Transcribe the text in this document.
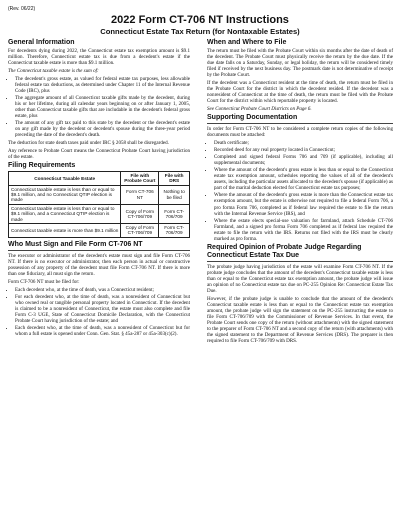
(Rev. 06/22)
2022 Form CT-706 NT Instructions
Connecticut Estate Tax Return (for Nontaxable Estates)
General Information

For decedents dying during 2022, the Connecticut estate tax exemption amount is $9.1 million. Therefore, Connecticut estate tax is due from a decedent's estate if the Connecticut taxable estate is more than $9.1 million.

The Connecticut taxable estate is the sum of:

• The decedent's gross estate, as valued for federal estate tax purposes, less allowable federal estate tax deductions, as determined under Chapter 11 of the Internal Revenue Code (IRC), plus
• The aggregate amount of all Connecticut taxable gifts made by the decedent, during his or her lifetime, during all calendar years beginning on or after January 1, 2005, other than Connecticut taxable gifts that are includable in the decedent's federal gross estate, plus
• The amount of any gift tax paid to this state by the decedent or the decedent's estate on any gift made by the decedent or decedent's spouse during the three-year period preceding the date of the decedent's death.

The deduction for state death taxes paid under IRC § 2058 shall be disregarded.

Any reference to Probate Court means the Connecticut Probate Court having jurisdiction of the estate.

Filing Requirements
Connecticut Taxable Estate	File with Probate Court	File with DRS
Connecticut taxable estate is less than or equal to $9.1 million, and no Connecticut QTIP election is made	Form CT-706 NT	Nothing to be filed
Connecticut taxable estate is less than or equal to $9.1 million, and a Connecticut QTIP election is made	Copy of Form CT-706/709	Form CT-706/709
Connecticut taxable estate is more than $9.1 million	Copy of Form CT-706/709	Form CT-706/709
Who Must Sign and File Form CT-706 NT

The executor or administrator of the decedent's estate must sign and file Form CT-706 NT. If there is no executor or administrator, then each person in actual or constructive possession of any property of the decedent must file Form CT-706 NT. If there is more than one fiduciary, all must sign the return.

Form CT-706 NT must be filed for:

• Each decedent who, at the time of death, was a Connecticut resident;
• For each decedent who, at the time of death, was a nonresident of Connecticut but who owned real or tangible personal property located in Connecticut. If the decedent is claimed to be a nonresident of Connecticut, the estate must also complete and file Form C-3 UGE, State of Connecticut Domicile Declaration, with the Connecticut Probate Court having jurisdiction of the estate; and
• Each decedent who, at the time of death, was a nonresident of Connecticut but for whom a full estate is opened under Conn. Gen. Stat. § 45a-287 or 45a-303(c)(2).
When and Where to File

The return must be filed with the Probate Court within six months after the date of death of the decedent. The Probate Court must physically receive the return by the due date. If the due date falls on a Saturday, Sunday, or legal holiday, the return will be considered timely filed if received by the next business day. The postmark date is not determinative of receipt by the Probate Court.

If the decedent was a Connecticut resident at the time of death, the return must be filed in the Probate Court for the district in which the decedent resided. If the decedent was a nonresident of Connecticut at the time of death, the return must be filed with the Probate Court for the district within which reportable property is located.

See Connecticut Probate Court Districts on Page 6.

Supporting Documentation

In order for Form CT-706 NT to be considered a complete return copies of the following documents must be attached:

• Death certificate;
• Recorded deed for any real property located in Connecticut;
• Completed and signed federal Forms 706 and 709 (if applicable), including all supplemental documents;
• Where the amount of the decedent's gross estate is less than or equal to the Connecticut estate tax exemption amount, schedules reporting the values of all of the decedent's assets, including the particular assets allocated to the decedent's spouse (if applicable) as part of the marital deduction elected for Connecticut estate tax purposes;
• Where the amount of the decedent's gross estate is more than the Connecticut estate tax exemption amount, but the estate is otherwise not required to file a federal Form 706, a pro forma Form 706, completed as if federal law required the estate to file the return with the Internal Revenue Service (IRS), and
• Where the estate elects special-use valuation for farmland, attach Schedule CT-706 Farmland, and a signed pro forma Form 706 completed as if federal law required the estate to file the return with the IRS. Returns not filed with the IRS must be clearly marked as pro forma.
Required Opinion of Probate Judge Regarding Connecticut Estate Tax Due

The probate judge having jurisdiction of the estate will examine Form CT-706 NT. If the probate judge concludes that the amount of the decedent's Connecticut taxable estate is less than or equal to the Connecticut estate tax exemption amount, the probate judge will issue an opinion of no Connecticut estate tax due on PC-255 Opinion Re: Connecticut Estate Tax Due.

However, if the probate judge is unable to conclude that the amount of the decedent's Connecticut taxable estate is less than or equal to the Connecticut estate tax exemption amount, the probate judge will sign the statement on the PC-255 instructing the estate to file Form CT-706/709 with the Commissioner of Revenue Services. In that event, the Probate Court sends one copy of the return (without attachments) with the signed statement to the preparer of Form CT-706 NT and a second copy of the return (with attachments) with the signed statement to the Department of Revenue Services (DRS). The preparer is then required to file Form CT-706/709 with DRS.
